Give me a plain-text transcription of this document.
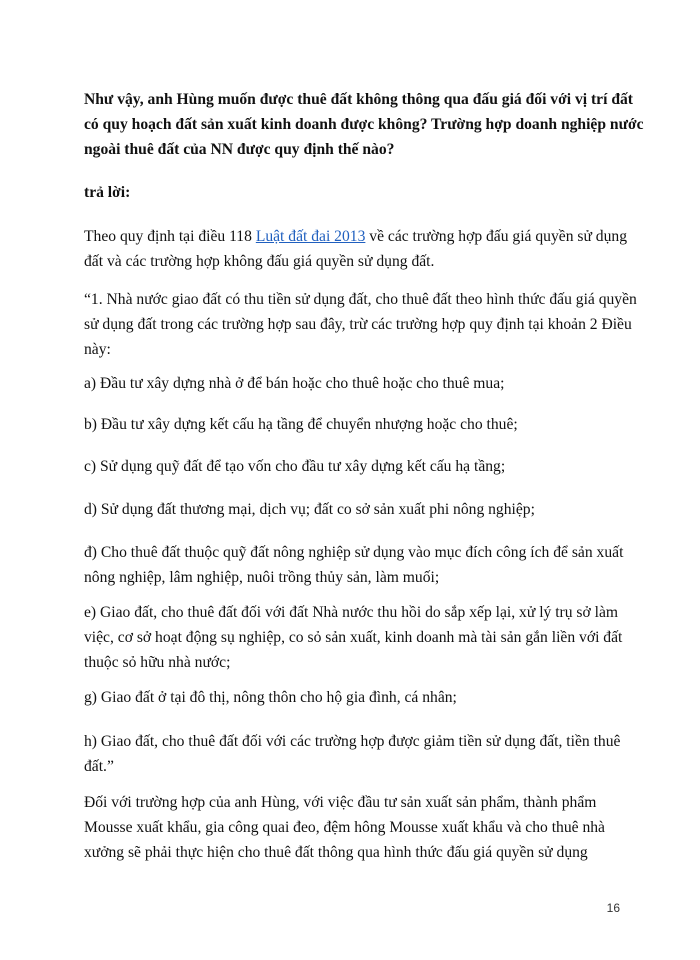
Như vậy, anh Hùng muốn được thuê đất không thông qua đấu giá đối với vị trí đất có quy hoạch đất sản xuất kinh doanh được không? Trường hợp doanh nghiệp nước ngoài thuê đất của NN được quy định thế nào?

trả lời:

Theo quy định tại điều 118 Luật đất đai 2013 về các trường hợp đấu giá quyền sử dụng đất và các trường hợp không đấu giá quyền sử dụng đất.

“1. Nhà nước giao đất có thu tiền sử dụng đất, cho thuê đất theo hình thức đấu giá quyền sử dụng đất trong các trường hợp sau đây, trừ các trường hợp quy định tại khoản 2 Điều này:

a) Đầu tư xây dựng nhà ở để bán hoặc cho thuê hoặc cho thuê mua;

b) Đầu tư xây dựng kết cấu hạ tầng để chuyển nhượng hoặc cho thuê;

c) Sử dụng quỹ đất để tạo vốn cho đầu tư xây dựng kết cấu hạ tầng;

d) Sử dụng đất thương mại, dịch vụ; đất co sở sản xuất phi nông nghiệp;

đ) Cho thuê đất thuộc quỹ đất nông nghiệp sử dụng vào mục đích công ích để sản xuất nông nghiệp, lâm nghiệp, nuôi trồng thủy sản, làm muối;

e) Giao đất, cho thuê đất đối với đất Nhà nước thu hồi do sắp xếp lại, xử lý trụ sở làm việc, cơ sở hoạt động sụ nghiệp, co sỏ sản xuất, kinh doanh mà tài sản gắn liền với đất thuộc sỏ hữu nhà nước;

g) Giao đất ở tại đô thị, nông thôn cho hộ gia đình, cá nhân;

h) Giao đất, cho thuê đất đối với các trường hợp được giảm tiền sử dụng đất, tiền thuê đất.”

Đối với trường hợp của anh Hùng, với việc đầu tư sản xuất sản phẩm, thành phẩm Mousse xuất khẩu, gia công quai đeo, đệm hông Mousse xuất khẩu và cho thuê nhà xưởng sẽ phải thực hiện cho thuê đất thông qua hình thức đấu giá quyền sử dụng

16
